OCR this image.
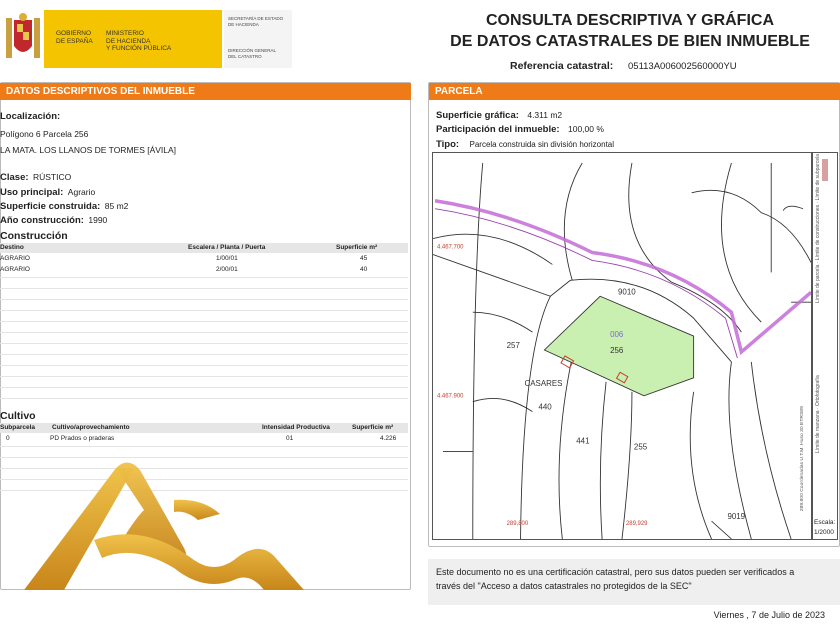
GOBIERNO
DE ESPAÑA
MINISTERIO
DE HACIENDA
Y FUNCIÓN PÚBLICA
SECRETARÍA DE ESTADO
DE HACIENDA
DIRECCIÓN GENERAL
DEL CATASTRO
CONSULTA DESCRIPTIVA Y GRÁFICA
DE DATOS CATASTRALES DE BIEN INMUEBLE
Referencia catastral: 05113A006002560000YU
DATOS DESCRIPTIVOS DEL INMUEBLE
Localización:
Polígono 6 Parcela 256
LA MATA. LOS LLANOS DE TORMES [ÁVILA]
Clase: RÚSTICO
Uso principal: Agrario
Superficie construida: 85 m2
Año construcción: 1990
Construcción
Destino	Escalera / Planta / Puerta	Superficie m²
AGRARIO	1/00/01	45
AGRARIO	2/00/01	40
Cultivo
Subparcela	Cultivo/aprovechamiento	Intensidad Productiva	Superficie m²
0	PD Prados o praderas	01	4.226
PARCELA
Superficie gráfica: 4.311 m2
Participación del inmueble: 100,00 %
Tipo: Parcela construida sin división horizontal
9010
006
256
257
CASARES
440
441
255
9019
4.467.700
4.467.900
289,800	289,929
289.800 Coordenadas U.T.M. Huso 30 ETRS89
Límite de parcela · Límite de construcciones · Límite de subparcela
Límite de manzana · Ortofotografía
Escala:
1/2000
Este documento no es una certificación catastral, pero sus datos pueden ser verificados a
través del "Acceso a datos catastrales no protegidos de la SEC"
Viernes , 7 de Julio de 2023
